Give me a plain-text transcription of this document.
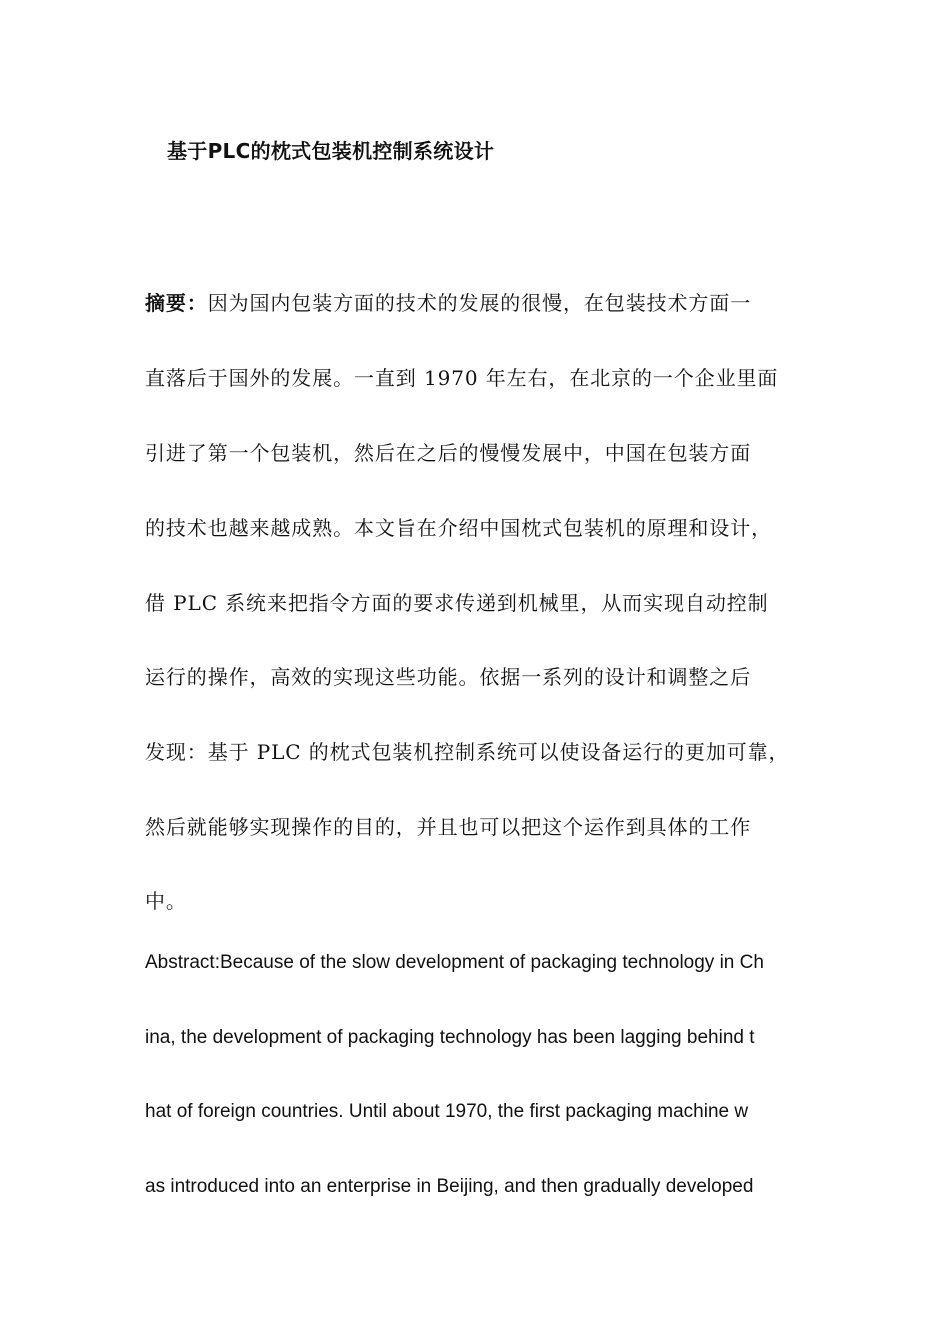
基于PLC的枕式包装机控制系统设计
摘要：因为国内包装方面的技术的发展的很慢，在包装技术方面一
直落后于国外的发展。一直到 1970 年左右，在北京的一个企业里面
引进了第一个包装机，然后在之后的慢慢发展中，中国在包装方面
的技术也越来越成熟。本文旨在介绍中国枕式包装机的原理和设计，
借 PLC 系统来把指令方面的要求传递到机械里，从而实现自动控制
运行的操作，高效的实现这些功能。依据一系列的设计和调整之后
发现：基于 PLC 的枕式包装机控制系统可以使设备运行的更加可靠，
然后就能够实现操作的目的，并且也可以把这个运作到具体的工作
中。
Abstract:Because of the slow development of packaging technology in Ch
ina, the development of packaging technology has been lagging behind t
hat of foreign countries. Until about 1970, the first packaging machine w
as introduced into an enterprise in Beijing, and then gradually developed
